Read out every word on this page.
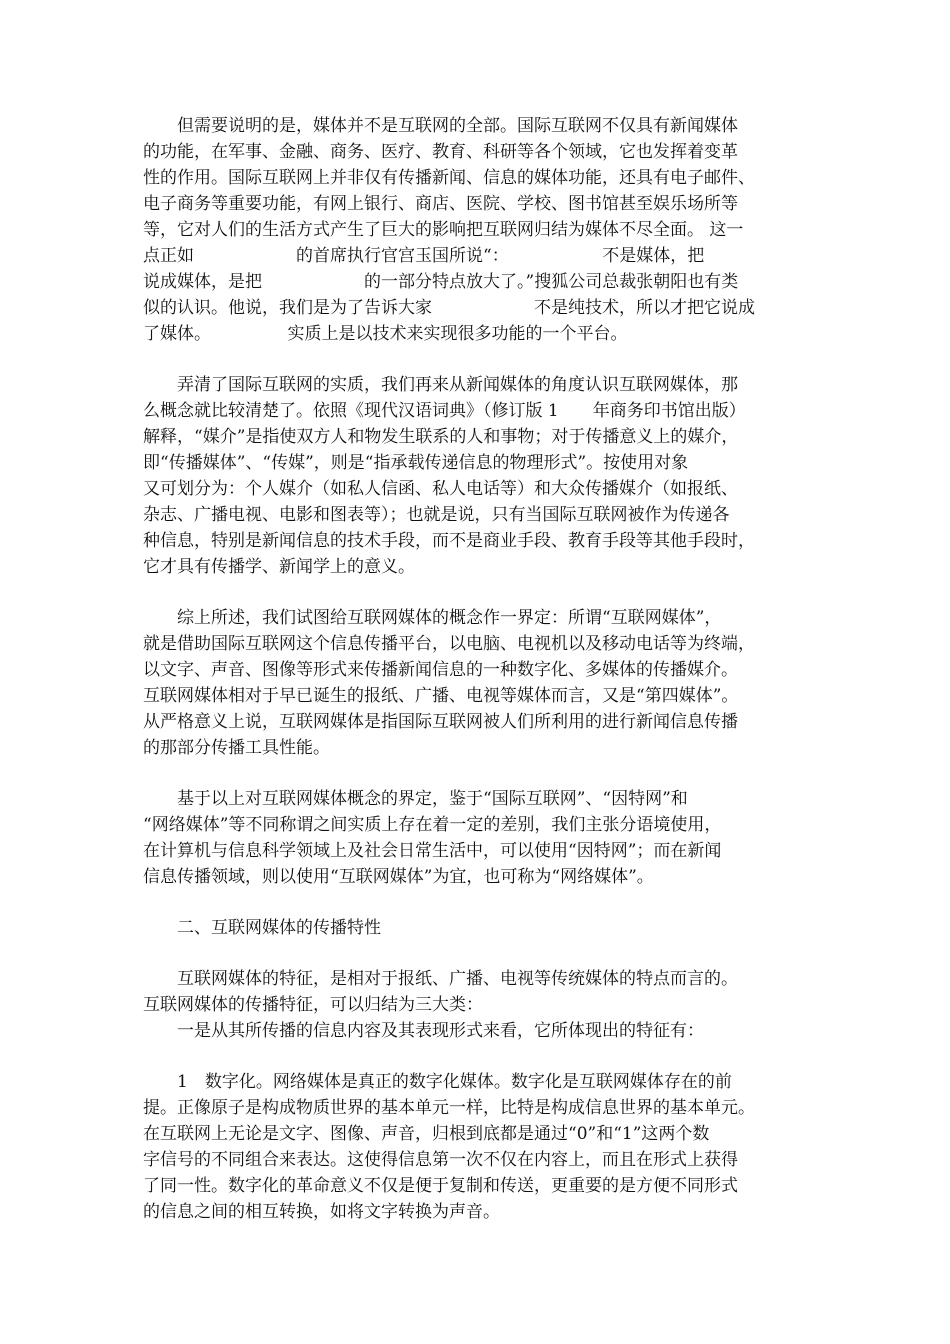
　　但需要说明的是，媒体并不是互联网的全部。国际互联网不仅具有新闻媒体
的功能，在军事、金融、商务、医疗、教育、科研等各个领域，它也发挥着变革
性的作用。国际互联网上并非仅有传播新闻、信息的媒体功能，还具有电子邮件、
电子商务等重要功能，有网上银行、商店、医院、学校、图书馆甚至娱乐场所等
等，它对人们的生活方式产生了巨大的影响把互联网归结为媒体不尽全面。 这一
点正如　　　　　　的首席执行官宫玉国所说“：　　　　　　不是媒体，把
说成媒体，是把　　　　　　的一部分特点放大了。”搜狐公司总裁张朝阳也有类
似的认识。他说，我们是为了告诉大家　　　　　　不是纯技术，所以才把它说成
了媒体。　　　　　实质上是以技术来实现很多功能的一个平台。
　　弄清了国际互联网的实质，我们再来从新闻媒体的角度认识互联网媒体，那
么概念就比较清楚了。依照《现代汉语词典》（修订版 1　　年商务印书馆出版）
解释，“媒介”是指使双方人和物发生联系的人和事物；对于传播意义上的媒介，
即“传播媒体”、“传媒”，则是“指承载传递信息的物理形式”。按使用对象
又可划分为：个人媒介（如私人信函、私人电话等）和大众传播媒介（如报纸、
杂志、广播电视、电影和图表等）；也就是说，只有当国际互联网被作为传递各
种信息，特别是新闻信息的技术手段，而不是商业手段、教育手段等其他手段时，
它才具有传播学、新闻学上的意义。
　　综上所述，我们试图给互联网媒体的概念作一界定：所谓“互联网媒体”，
就是借助国际互联网这个信息传播平台，以电脑、电视机以及移动电话等为终端，
以文字、声音、图像等形式来传播新闻信息的一种数字化、多媒体的传播媒介。
互联网媒体相对于早已诞生的报纸、广播、电视等媒体而言，又是“第四媒体”。
从严格意义上说，互联网媒体是指国际互联网被人们所利用的进行新闻信息传播
的那部分传播工具性能。
　　基于以上对互联网媒体概念的界定，鉴于“国际互联网”、“因特网”和
“网络媒体”等不同称谓之间实质上存在着一定的差别，我们主张分语境使用，
在计算机与信息科学领域上及社会日常生活中，可以使用“因特网”；而在新闻
信息传播领域，则以使用“互联网媒体”为宜，也可称为“网络媒体”。
　　二、互联网媒体的传播特性
　　互联网媒体的特征，是相对于报纸、广播、电视等传统媒体的特点而言的。
互联网媒体的传播特征，可以归结为三大类：
　　一是从其所传播的信息内容及其表现形式来看，它所体现出的特征有：
　　1　数字化。网络媒体是真正的数字化媒体。数字化是互联网媒体存在的前
提。正像原子是构成物质世界的基本单元一样，比特是构成信息世界的基本单元。
在互联网上无论是文字、图像、声音，归根到底都是通过“0”和“1”这两个数
字信号的不同组合来表达。这使得信息第一次不仅在内容上，而且在形式上获得
了同一性。数字化的革命意义不仅是便于复制和传送，更重要的是方便不同形式
的信息之间的相互转换，如将文字转换为声音。
